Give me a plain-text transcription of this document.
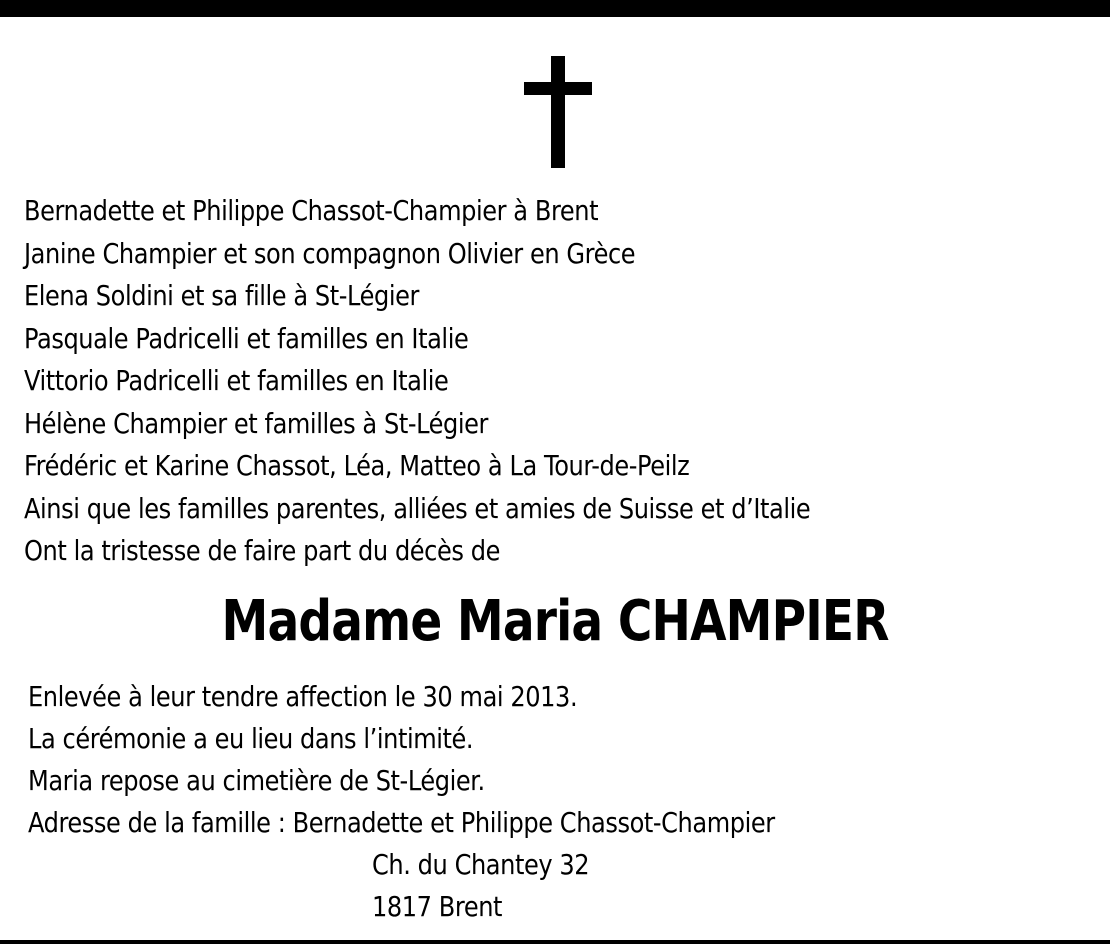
Bernadette et Philippe Chassot-Champier à Brent
Janine Champier et son compagnon Olivier en Grèce
Elena Soldini et sa fille à St-Légier
Pasquale Padricelli et familles en Italie
Vittorio Padricelli et familles en Italie
Hélène Champier et familles à St-Légier
Frédéric et Karine Chassot, Léa, Matteo à La Tour-de-Peilz
Ainsi que les familles parentes, alliées et amies de Suisse et d’Italie
Ont la tristesse de faire part du décès de
Madame Maria CHAMPIER
Enlevée à leur tendre affection le 30 mai 2013.
La cérémonie a eu lieu dans l’intimité.
Maria repose au cimetière de St-Légier.
Adresse de la famille : Bernadette et Philippe Chassot-Champier
Ch. du Chantey 32
1817 Brent
